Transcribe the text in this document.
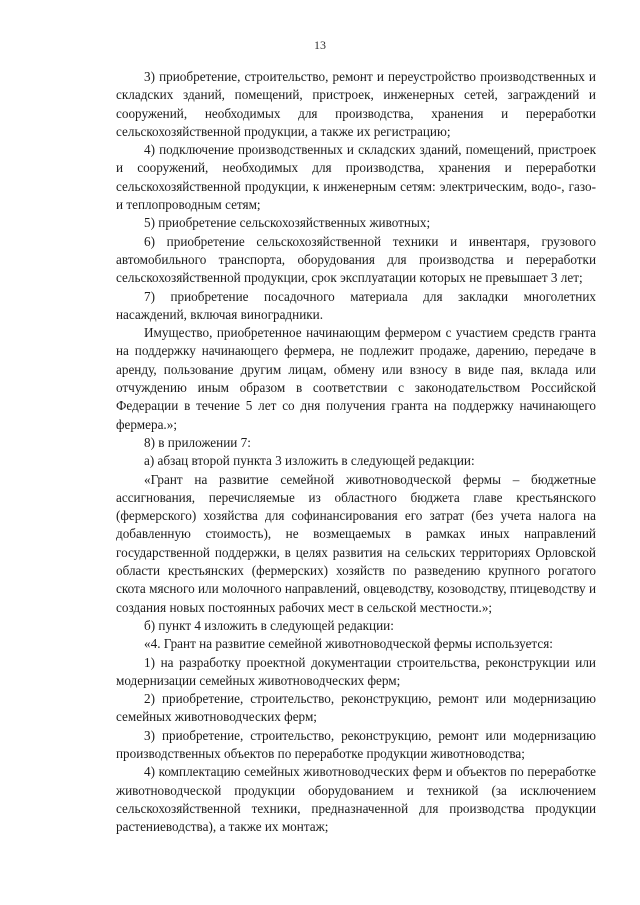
13

3) приобретение, строительство, ремонт и переустройство производственных и складских зданий, помещений, пристроек, инженерных сетей, заграждений и сооружений, необходимых для производства, хранения и переработки сельскохозяйственной продукции, а также их регистрацию;

4) подключение производственных и складских зданий, помещений, пристроек и сооружений, необходимых для производства, хранения и переработки сельскохозяйственной продукции, к инженерным сетям: электрическим, водо-, газо- и теплопроводным сетям;

5) приобретение сельскохозяйственных животных;

6) приобретение сельскохозяйственной техники и инвентаря, грузового автомобильного транспорта, оборудования для производства и переработки сельскохозяйственной продукции, срок эксплуатации которых не превышает 3 лет;

7) приобретение посадочного материала для закладки многолетних насаждений, включая виноградники.

Имущество, приобретенное начинающим фермером с участием средств гранта на поддержку начинающего фермера, не подлежит продаже, дарению, передаче в аренду, пользование другим лицам, обмену или взносу в виде пая, вклада или отчуждению иным образом в соответствии с законодательством Российской Федерации в течение 5 лет со дня получения гранта на поддержку начинающего фермера.»;

8) в приложении 7:

а) абзац второй пункта 3 изложить в следующей редакции:

«Грант на развитие семейной животноводческой фермы – бюджетные ассигнования, перечисляемые из областного бюджета главе крестьянского (фермерского) хозяйства для софинансирования его затрат (без учета налога на добавленную стоимость), не возмещаемых в рамках иных направлений государственной поддержки, в целях развития на сельских территориях Орловской области крестьянских (фермерских) хозяйств по разведению крупного рогатого скота мясного или молочного направлений, овцеводству, козоводству, птицеводству и создания новых постоянных рабочих мест в сельской местности.»;

б) пункт 4 изложить в следующей редакции:

«4. Грант на развитие семейной животноводческой фермы используется:

1) на разработку проектной документации строительства, реконструкции или модернизации семейных животноводческих ферм;

2) приобретение, строительство, реконструкцию, ремонт или модернизацию семейных животноводческих ферм;

3) приобретение, строительство, реконструкцию, ремонт или модернизацию производственных объектов по переработке продукции животноводства;

4) комплектацию семейных животноводческих ферм и объектов по переработке животноводческой продукции оборудованием и техникой (за исключением сельскохозяйственной техники, предназначенной для производства продукции растениеводства), а также их монтаж;
